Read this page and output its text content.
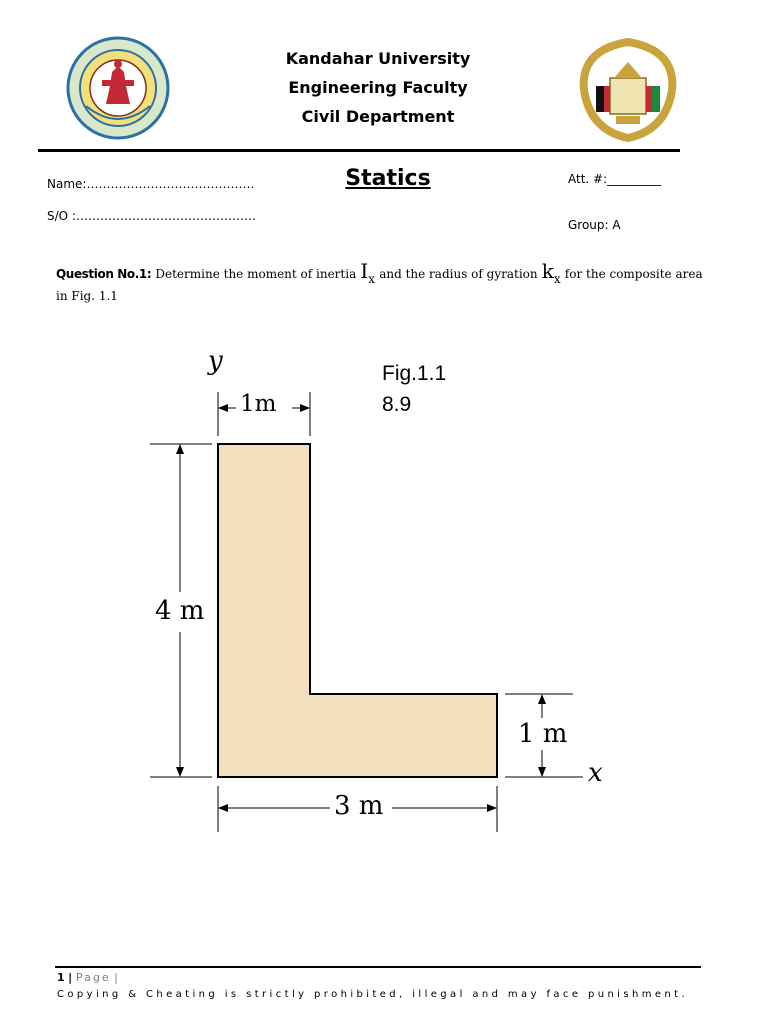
Kandahar University
Engineering Faculty
Civil Department
Name:……………………………………	Statics	Att. #:_________
S/O :………………………………………
Group: A
Question No.1: Determine the moment of inertia $I_x$ and the radius of gyration $k_x$ for the composite area
in Fig. 1.1
y
1m
Fig.1.1
8.9
4 m
1 m
x
3 m
1 | Page |
Copying & Cheating is strictly prohibited, illegal and may face punishment.
